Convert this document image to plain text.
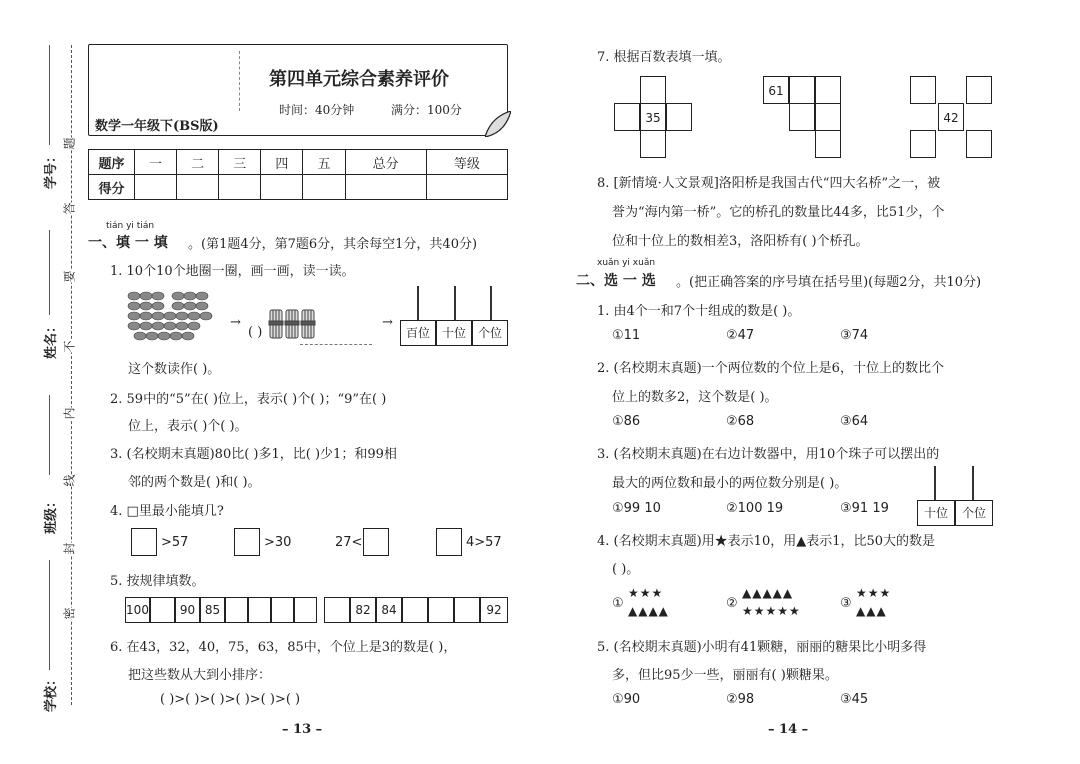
学号：
姓名：
班级：
学校：
题
答
要
不
内
线
封
密
第四单元综合素养评价
时间：40分钟	满分：100分
数学一年级下(BS版)
题序	一	二	三	四	五	总分	等级
得分							
tián yi tián
一、填 一 填 。(第1题4分，第7题6分，其余每空1分，共40分)
1. 10个10个地圈一圈，画一画，读一读。
→
( )
→
百位 十位 个位
这个数读作( )。
2. 59中的“5”在( )位上，表示( )个( )；“9”在( )
位上，表示( )个( )。
3. (名校期末真题)80比( )多1，比( )少1；和99相
邻的两个数是( )和( )。
4. □里最小能填几?
>57	>30	27<	4>57
5. 按规律填数。
100	90 85	82 84	92
6. 在43，32，40，75，63，85中，个位上是3的数是( )，
把这些数从大到小排序：
( )>( )>( )>( )>( )>( )
– 13 –
7. 根据百数表填一填。
35
61
42
8. [新情境·人文景观]洛阳桥是我国古代“四大名桥”之一，被
誉为“海内第一桥”。它的桥孔的数量比44多，比51少，个
位和十位上的数相差3，洛阳桥有( )个桥孔。
xuǎn yi xuǎn
二、选 一 选 。(把正确答案的序号填在括号里)(每题2分，共10分)
1. 由4个一和7个十组成的数是( )。
①11	②47	③74
2. (名校期末真题)一个两位数的个位上是6，十位上的数比个
位上的数多2，这个数是( )。
①86	②68	③64
3. (名校期末真题)在右边计数器中，用10个珠子可以摆出的
最大的两位数和最小的两位数分别是( )。
①99 10	②100 19	③91 19	十位	个位
4. (名校期末真题)用★表示10，用▲表示1，比50大的数是
( )。
①
★★★
▲▲▲▲	②
▲▲▲▲▲
★★★★★	③
★★★
▲▲▲
5. (名校期末真题)小明有41颗糖，丽丽的糖果比小明多得
多，但比95少一些，丽丽有( )颗糖果。
①90	②98	③45
– 14 –
